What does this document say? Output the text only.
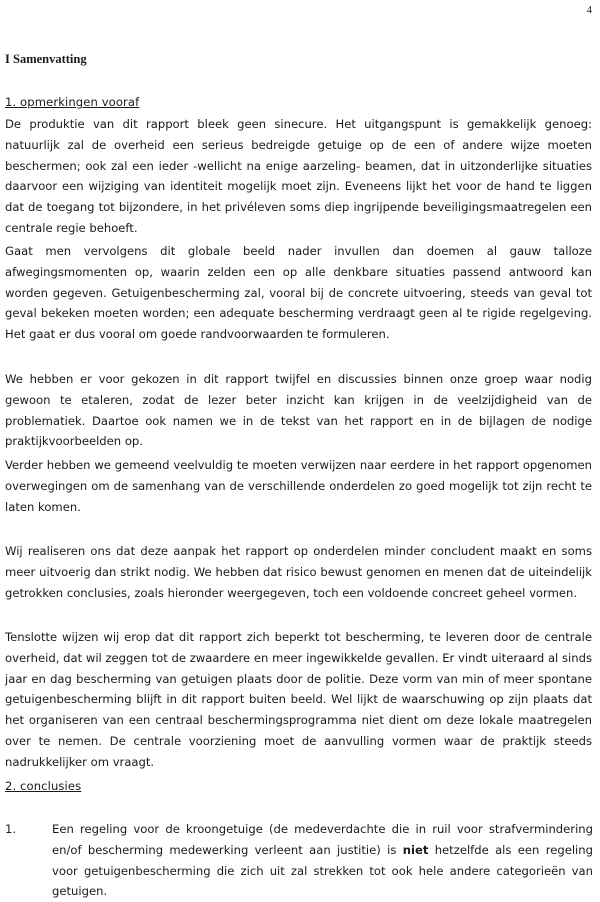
4
I Samenvatting
1. opmerkingen vooraf

De produktie van dit rapport bleek geen sinecure. Het uitgangspunt is gemakkelijk genoeg: natuurlijk zal de overheid een serieus bedreigde getuige op de een of andere wijze moeten beschermen; ook zal een ieder -wellicht na enige aarzeling- beamen, dat in uitzonderlijke situaties daarvoor een wijziging van identiteit mogelijk moet zijn. Eveneens lijkt het voor de hand te liggen dat de toegang tot bijzondere, in het privéleven soms diep ingrijpende beveiligingsmaatregelen een centrale regie behoeft.

Gaat men vervolgens dit globale beeld nader invullen dan doemen al gauw talloze afwegingsmomenten op, waarin zelden een op alle denkbare situaties passend antwoord kan worden gegeven. Getuigenbescherming zal, vooral bij de concrete uitvoering, steeds van geval tot geval bekeken moeten worden; een adequate bescherming verdraagt geen al te rigide regelgeving. Het gaat er dus vooral om goede randvoorwaarden te formuleren.

We hebben er voor gekozen in dit rapport twijfel en discussies binnen onze groep waar nodig gewoon te etaleren, zodat de lezer beter inzicht kan krijgen in de veelzijdigheid van de problematiek. Daartoe ook namen we in de tekst van het rapport en in de bijlagen de nodige praktijkvoorbeelden op.

Verder hebben we gemeend veelvuldig te moeten verwijzen naar eerdere in het rapport opgenomen overwegingen om de samenhang van de verschillende onderdelen zo goed mogelijk tot zijn recht te laten komen.

Wij realiseren ons dat deze aanpak het rapport op onderdelen minder concludent maakt en soms meer uitvoerig dan strikt nodig. We hebben dat risico bewust genomen en menen dat de uiteindelijk getrokken conclusies, zoals hieronder weergegeven, toch een voldoende concreet geheel vormen.

Tenslotte wijzen wij erop dat dit rapport zich beperkt tot bescherming, te leveren door de centrale overheid, dat wil zeggen tot de zwaardere en meer ingewikkelde gevallen. Er vindt uiteraard al sinds jaar en dag bescherming van getuigen plaats door de politie. Deze vorm van min of meer spontane getuigenbescherming blijft in dit rapport buiten beeld. Wel lijkt de waarschuwing op zijn plaats dat het organiseren van een centraal beschermingsprogramma niet dient om deze lokale maatregelen over te nemen. De centrale voorziening moet de aanvulling vormen waar de praktijk steeds nadrukkelijker om vraagt.

2. conclusies
1.	Een regeling voor de kroongetuige (de medeverdachte die in ruil voor strafvermindering en/of bescherming medewerking verleent aan justitie) is niet hetzelfde als een regeling voor getuigenbescherming die zich uit zal strekken tot ook hele andere categorieën van getuigen.
